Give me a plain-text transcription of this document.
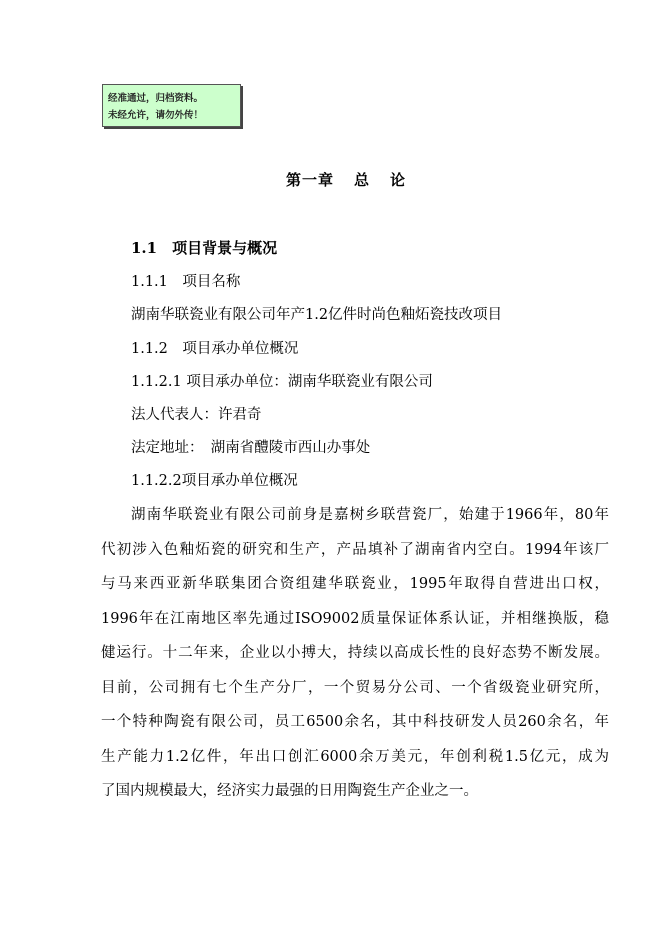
经准通过，归档资料。
未经允许，请勿外传！
第一章 总 论
1.1　项目背景与概况
1.1.1　项目名称
湖南华联瓷业有限公司年产1.2亿件时尚色釉炻瓷技改项目
1.1.2　项目承办单位概况
1.1.2.1 项目承办单位：湖南华联瓷业有限公司
法人代表人：许君奇
法定地址：　湖南省醴陵市西山办事处
1.1.2.2项目承办单位概况
湖南华联瓷业有限公司前身是嘉树乡联营瓷厂，始建于1966年，80年
代初涉入色釉炻瓷的研究和生产，产品填补了湖南省内空白。1994年该厂
与马来西亚新华联集团合资组建华联瓷业，1995年取得自营进出口权，
1996年在江南地区率先通过ISO9002质量保证体系认证，并相继换版，稳
健运行。十二年来，企业以小搏大，持续以高成长性的良好态势不断发展。
目前，公司拥有七个生产分厂，一个贸易分公司、一个省级瓷业研究所，
一个特种陶瓷有限公司，员工6500余名，其中科技研发人员260余名，年
生产能力1.2亿件，年出口创汇6000余万美元，年创利税1.5亿元，成为
了国内规模最大，经济实力最强的日用陶瓷生产企业之一。
